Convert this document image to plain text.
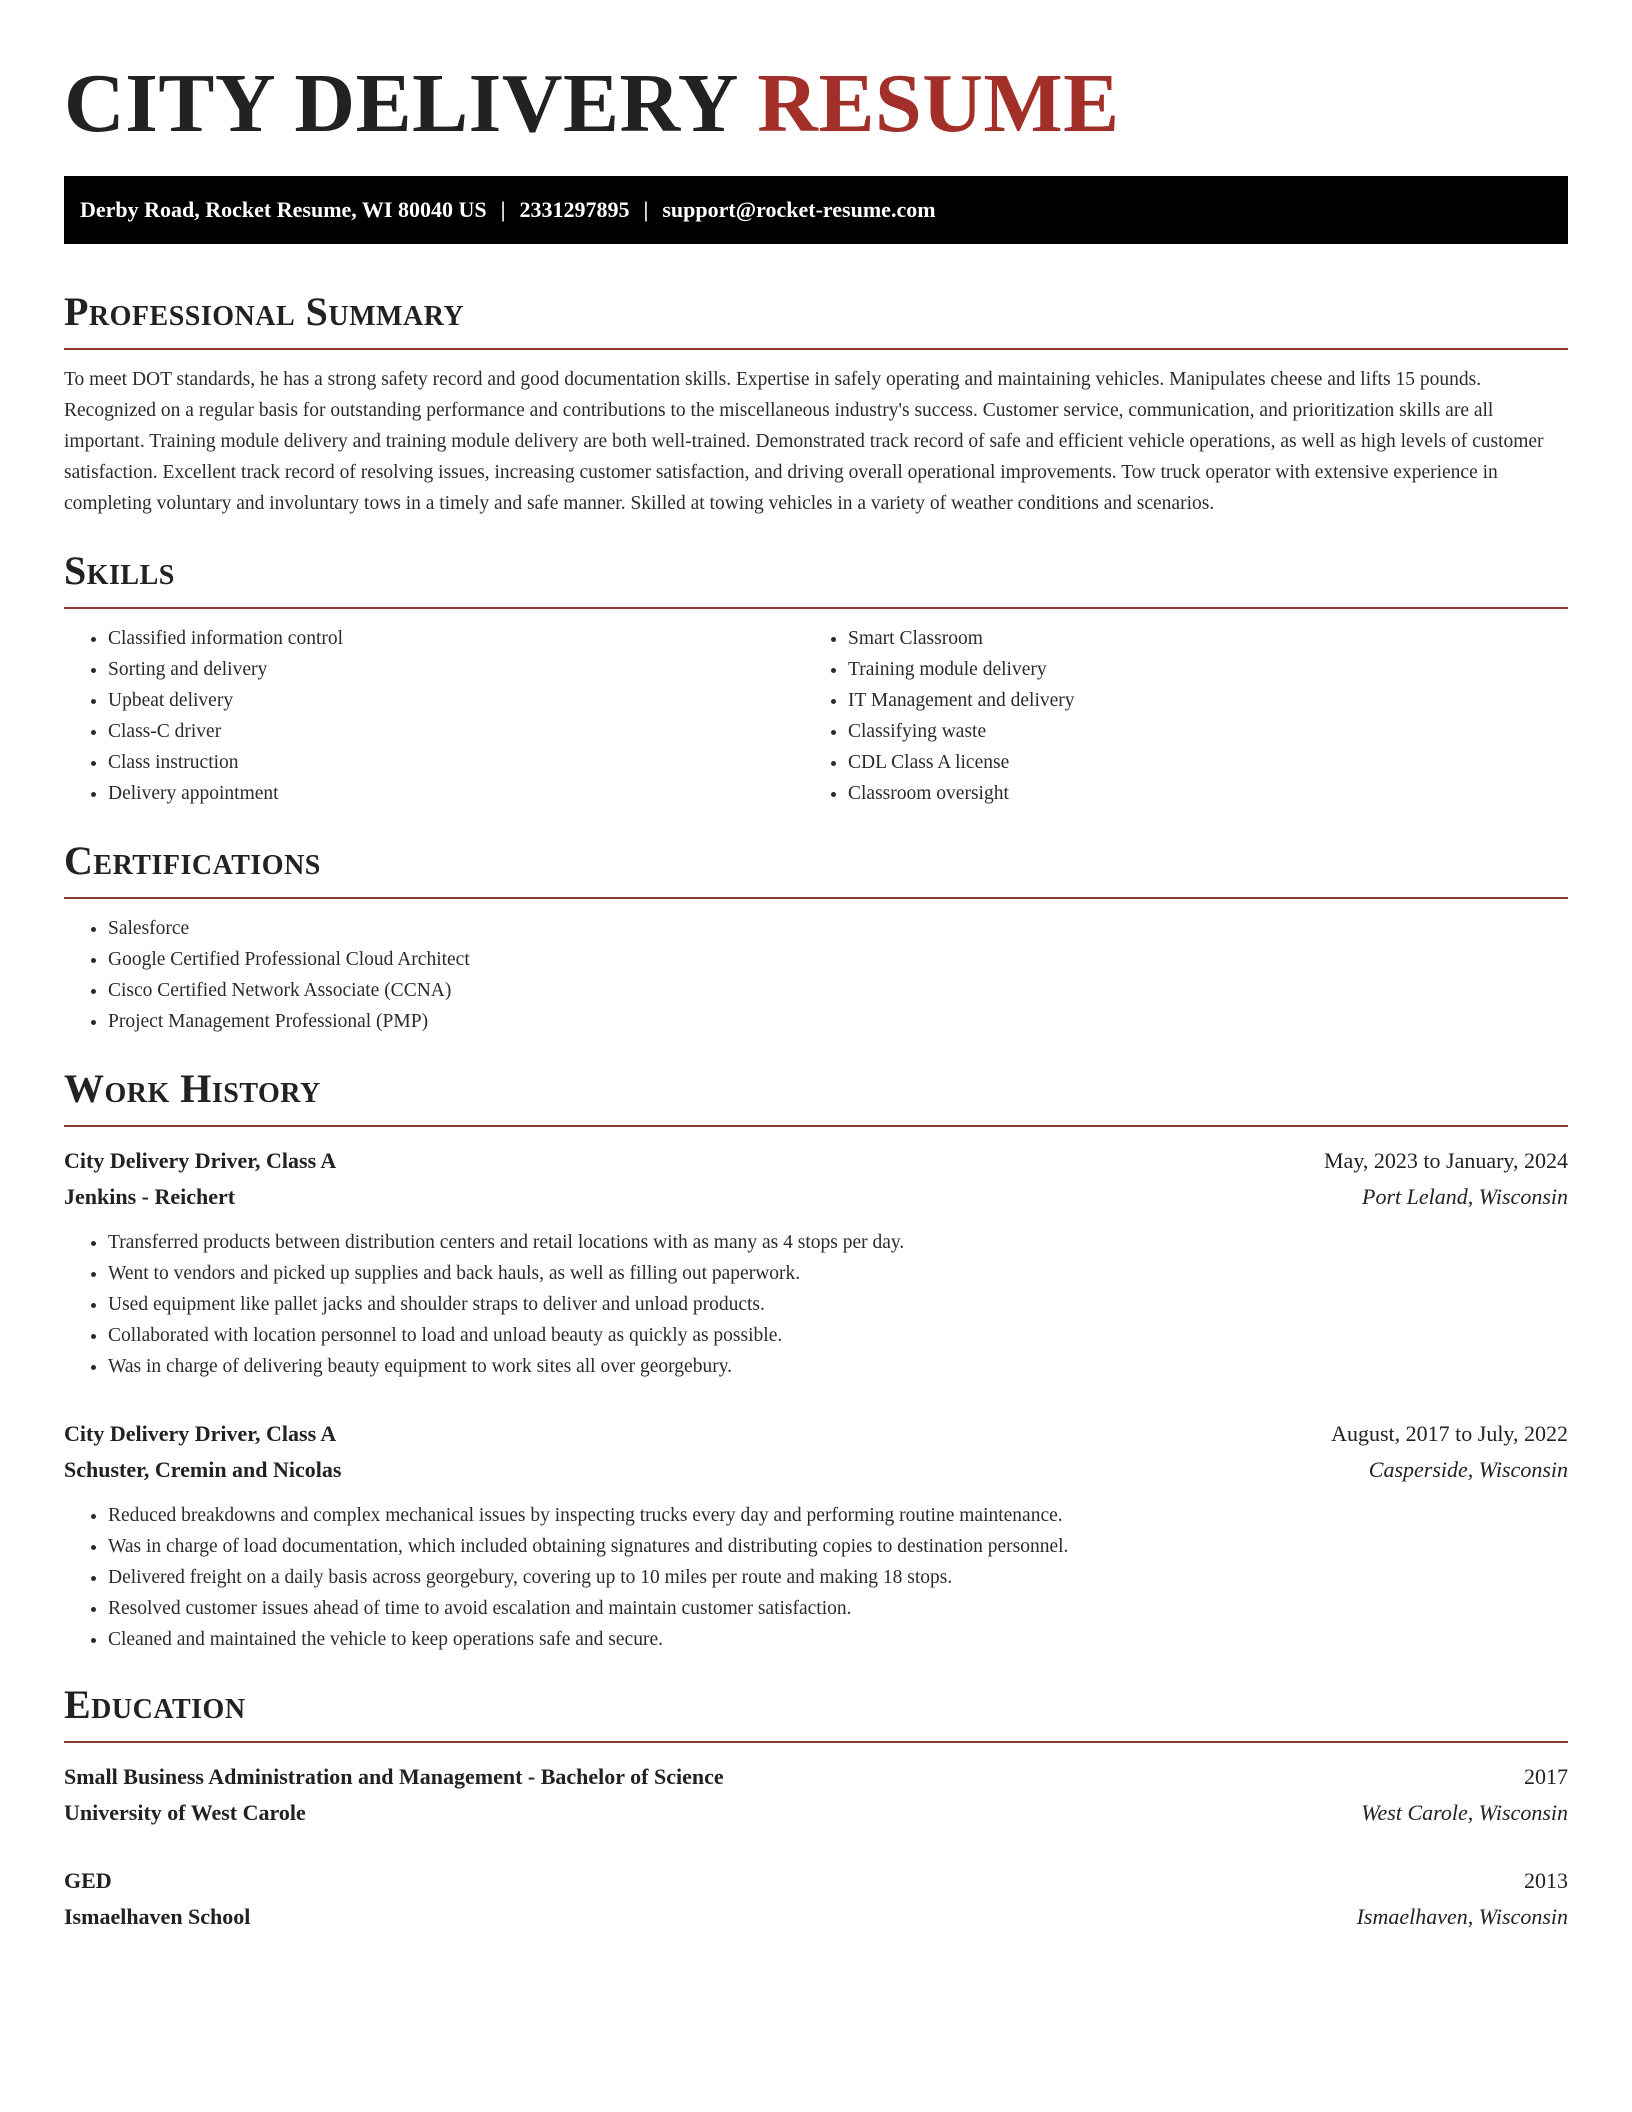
CITY DELIVERY RESUME
Derby Road, Rocket Resume, WI 80040 US | 2331297895 | support@rocket-resume.com
Professional Summary

To meet DOT standards, he has a strong safety record and good documentation skills. Expertise in safely operating and maintaining vehicles. Manipulates cheese and lifts 15 pounds. Recognized on a regular basis for outstanding performance and contributions to the miscellaneous industry's success. Customer service, communication, and prioritization skills are all important. Training module delivery and training module delivery are both well-trained. Demonstrated track record of safe and efficient vehicle operations, as well as high levels of customer satisfaction. Excellent track record of resolving issues, increasing customer satisfaction, and driving overall operational improvements. Tow truck operator with extensive experience in completing voluntary and involuntary tows in a timely and safe manner. Skilled at towing vehicles in a variety of weather conditions and scenarios.

Skills
• Classified information control
• Sorting and delivery
• Upbeat delivery
• Class-C driver
• Class instruction
• Delivery appointment
• Smart Classroom
• Training module delivery
• IT Management and delivery
• Classifying waste
• CDL Class A license
• Classroom oversight
Certifications
• Salesforce
• Google Certified Professional Cloud Architect
• Cisco Certified Network Associate (CCNA)
• Project Management Professional (PMP)
Work History
City Delivery Driver, Class A	May, 2023 to January, 2024
Jenkins - Reichert	Port Leland, Wisconsin
• Transferred products between distribution centers and retail locations with as many as 4 stops per day.
• Went to vendors and picked up supplies and back hauls, as well as filling out paperwork.
• Used equipment like pallet jacks and shoulder straps to deliver and unload products.
• Collaborated with location personnel to load and unload beauty as quickly as possible.
• Was in charge of delivering beauty equipment to work sites all over georgebury.
City Delivery Driver, Class A	August, 2017 to July, 2022
Schuster, Cremin and Nicolas	Casperside, Wisconsin
• Reduced breakdowns and complex mechanical issues by inspecting trucks every day and performing routine maintenance.
• Was in charge of load documentation, which included obtaining signatures and distributing copies to destination personnel.
• Delivered freight on a daily basis across georgebury, covering up to 10 miles per route and making 18 stops.
• Resolved customer issues ahead of time to avoid escalation and maintain customer satisfaction.
• Cleaned and maintained the vehicle to keep operations safe and secure.
Education
Small Business Administration and Management - Bachelor of Science	2017
University of West Carole	West Carole, Wisconsin
GED	2013
Ismaelhaven School	Ismaelhaven, Wisconsin
